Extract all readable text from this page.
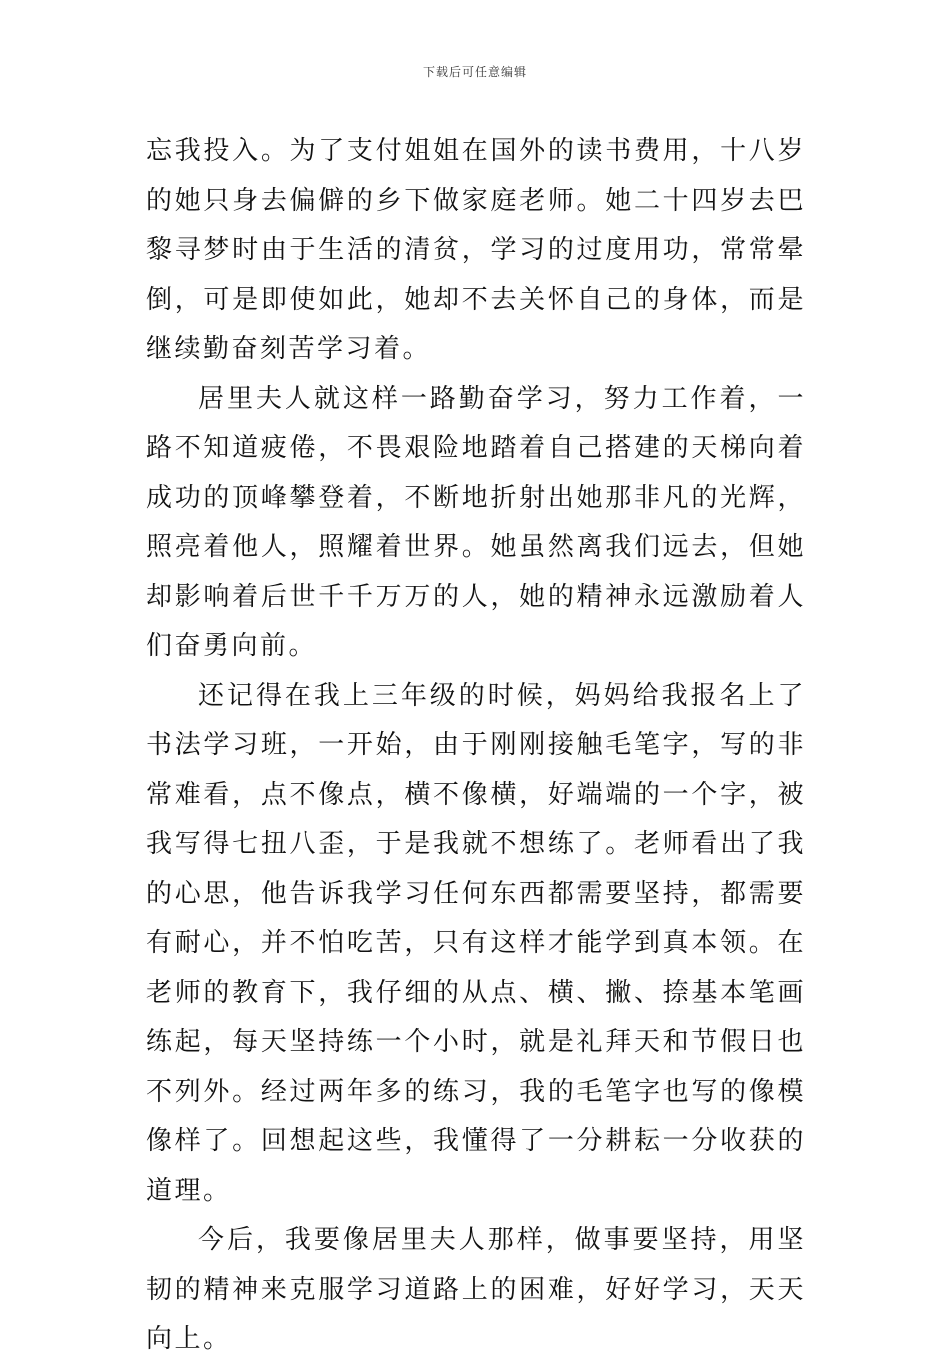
下载后可任意编辑

忘我投入。为了支付姐姐在国外的读书费用，十八岁的她只身去偏僻的乡下做家庭老师。她二十四岁去巴黎寻梦时由于生活的清贫，学习的过度用功，常常晕倒，可是即使如此，她却不去关怀自己的身体，而是继续勤奋刻苦学习着。

居里夫人就这样一路勤奋学习，努力工作着，一路不知道疲倦，不畏艰险地踏着自己搭建的天梯向着成功的顶峰攀登着，不断地折射出她那非凡的光辉，照亮着他人，照耀着世界。她虽然离我们远去，但她却影响着后世千千万万的人，她的精神永远激励着人们奋勇向前。

还记得在我上三年级的时候，妈妈给我报名上了书法学习班，一开始，由于刚刚接触毛笔字，写的非常难看，点不像点，横不像横，好端端的一个字，被我写得七扭八歪，于是我就不想练了。老师看出了我的心思，他告诉我学习任何东西都需要坚持，都需要有耐心，并不怕吃苦，只有这样才能学到真本领。在老师的教育下，我仔细的从点、横、撇、捺基本笔画练起，每天坚持练一个小时，就是礼拜天和节假日也不列外。经过两年多的练习，我的毛笔字也写的像模像样了。回想起这些，我懂得了一分耕耘一分收获的道理。

今后，我要像居里夫人那样，做事要坚持，用坚韧的精神来克服学习道路上的困难，好好学习，天天向上。
